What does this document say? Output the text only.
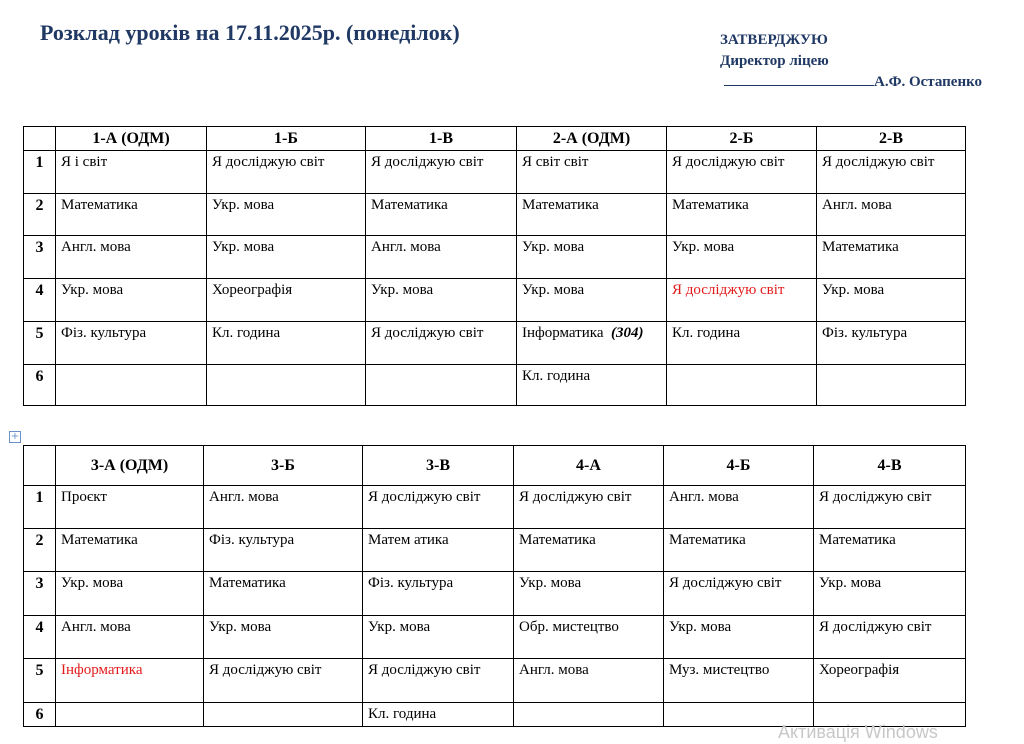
Розклад уроків на 17.11.2025р. (понеділок)	ЗАТВЕРДЖУЮ
Директор ліцею
А.Ф. Остапенко
	1-А (ОДМ)	1-Б	1-В	2-А (ОДМ)	2-Б	2-В
1	Я і світ	Я досліджую світ	Я досліджую світ	Я світ світ	Я досліджую світ	Я досліджую світ
2	Математика	Укр. мова	Математика	Математика	Математика	Англ. мова
3	Англ. мова	Укр. мова	Англ. мова	Укр. мова	Укр. мова	Математика
4	Укр. мова	Хореографія	Укр. мова	Укр. мова	Я досліджую світ	Укр. мова
5	Фіз. культура	Кл. година	Я досліджую світ	Інформатика (304)	Кл. година	Фіз. культура
6				Кл. година		
+
	3-А (ОДМ)	3-Б	3-В	4-А	4-Б	4-В
1	Проєкт	Англ. мова	Я досліджую світ	Я досліджую світ	Англ. мова	Я досліджую світ
2	Математика	Фіз. культура	Матем атика	Математика	Математика	Математика
3	Укр. мова	Математика	Фіз. культура	Укр. мова	Я досліджую світ	Укр. мова
4	Англ. мова	Укр. мова	Укр. мова	Обр. мистецтво	Укр. мова	Я досліджую світ
5	Інформатика	Я досліджую світ	Я досліджую світ	Англ. мова	Муз. мистецтво	Хореографія
6			Кл. година			
Активація Windows
